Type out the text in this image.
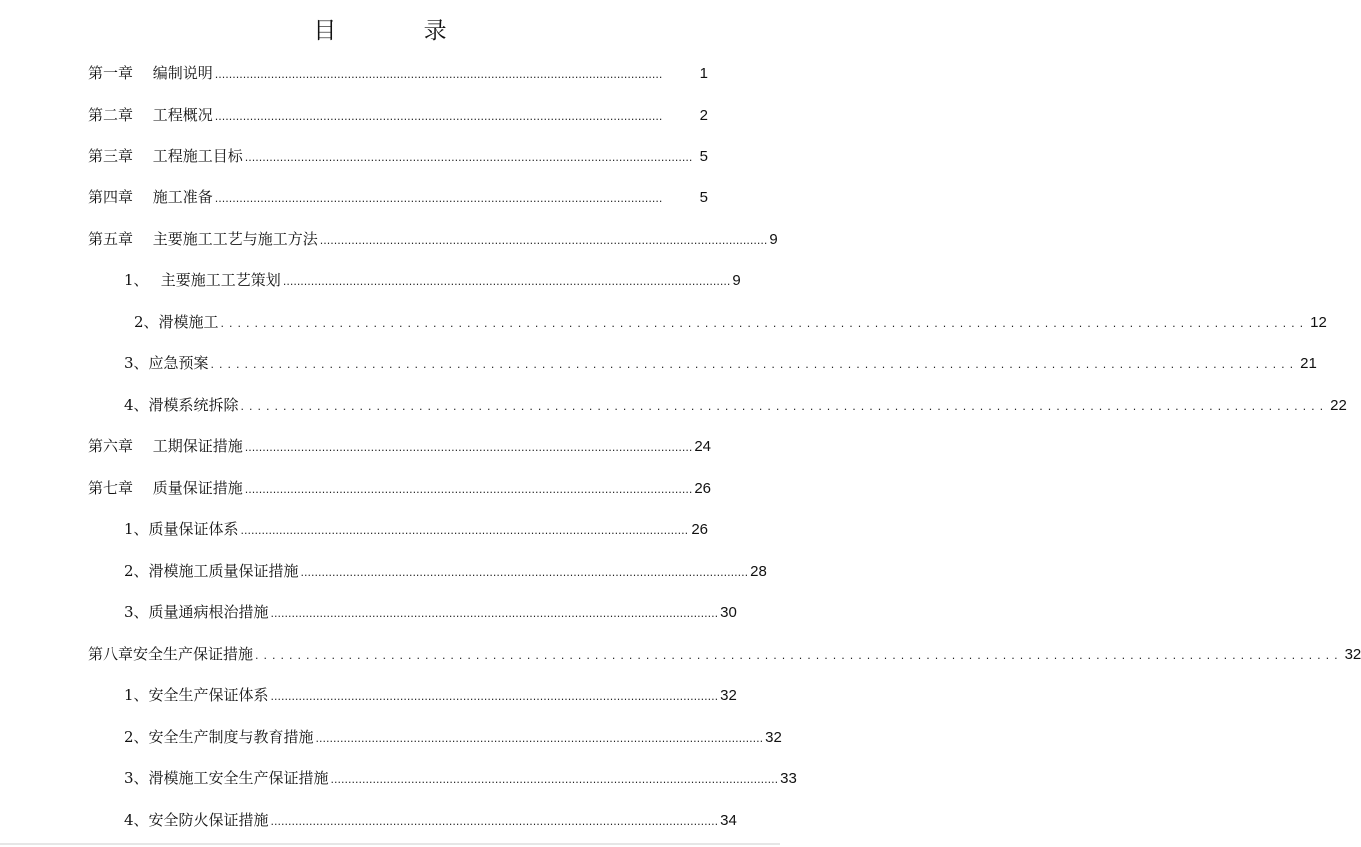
目 录
第一章　 编制说明 ................................................................................................................................	1
第二章　 工程概况 ................................................................................................................................	2
第三章　 工程施工目标 ................................................................................................................................ 5
第四章　 施工准备 ................................................................................................................................	5
第五章　 主要施工工艺与施工方法 ................................................................................................................................ 9
1、　 主要施工工艺策划 ................................................................................................................................ 9
2、滑模施工 ................................................................................................................................ 12
3、应急预案 ................................................................................................................................ 21
4、滑模系统拆除 ................................................................................................................................ 22
第六章　 工期保证措施 ................................................................................................................................ 24
第七章　 质量保证措施 ................................................................................................................................ 26
1、质量保证体系 ................................................................................................................................ 26
2、滑模施工质量保证措施 ................................................................................................................................ 28
3、质量通病根治措施 ................................................................................................................................ 30
第八章安全生产保证措施 ................................................................................................................................ 32
1、安全生产保证体系 ................................................................................................................................ 32
2、安全生产制度与教育措施 ................................................................................................................................ 32
3、滑模施工安全生产保证措施 ................................................................................................................................ 33
4、安全防火保证措施 ................................................................................................................................ 34
